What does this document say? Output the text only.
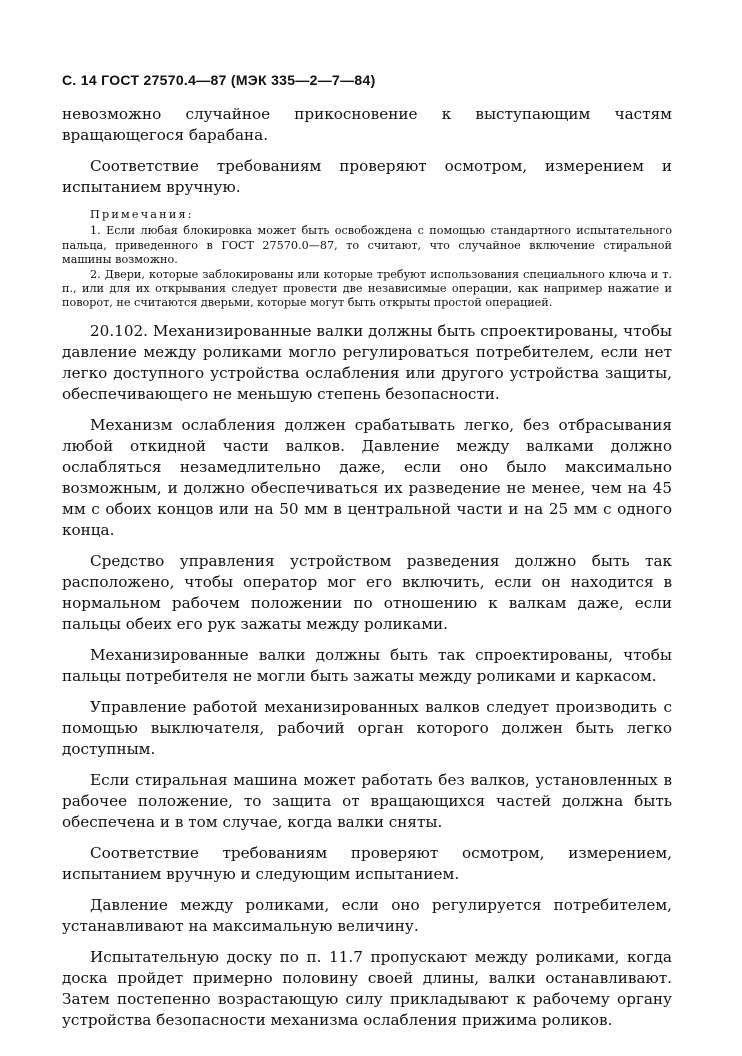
С. 14 ГОСТ 27570.4—87 (МЭК 335—2—7—84)

невозможно случайное прикосновение к выступающим частям вращающегося барабана.

Соответствие требованиям проверяют осмотром, измерением и испытанием вручную.

Примечания:

1. Если любая блокировка может быть освобождена с помощью стандартного испытательного пальца, приведенного в ГОСТ 27570.0—87, то считают, что случайное включение стиральной машины возможно.

2. Двери, которые заблокированы или которые требуют использования специального ключа и т. п., или для их открывания следует провести две независимые операции, как например нажатие и поворот, не считаются дверьми, которые могут быть открыты простой операцией.

20.102. Механизированные валки должны быть спроектированы, чтобы давление между роликами могло регулироваться потребителем, если нет легко доступного устройства ослабления или другого устройства защиты, обеспечивающего не меньшую степень безопасности.

Механизм ослабления должен срабатывать легко, без отбрасывания любой откидной части валков. Давление между валками должно ослабляться незамедлительно даже, если оно было максимально возможным, и должно обеспечиваться их разведение не менее, чем на 45 мм с обоих концов или на 50 мм в центральной части и на 25 мм с одного конца.

Средство управления устройством разведения должно быть так расположено, чтобы оператор мог его включить, если он находится в нормальном рабочем положении по отношению к валкам даже, если пальцы обеих его рук зажаты между роликами.

Механизированные валки должны быть так спроектированы, чтобы пальцы потребителя не могли быть зажаты между роликами и каркасом.

Управление работой механизированных валков следует производить с помощью выключателя, рабочий орган которого должен быть легко доступным.

Если стиральная машина может работать без валков, установленных в рабочее положение, то защита от вращающихся частей должна быть обеспечена и в том случае, когда валки сняты.

Соответствие требованиям проверяют осмотром, измерением, испытанием вручную и следующим испытанием.

Давление между роликами, если оно регулируется потребителем, устанавливают на максимальную величину.

Испытательную доску по п. 11.7 пропускают между роликами, когда доска пройдет примерно половину своей длины, валки останавливают. Затем постепенно возрастающую силу прикладывают к рабочему органу устройства безопасности механизма ослабления прижима роликов.
